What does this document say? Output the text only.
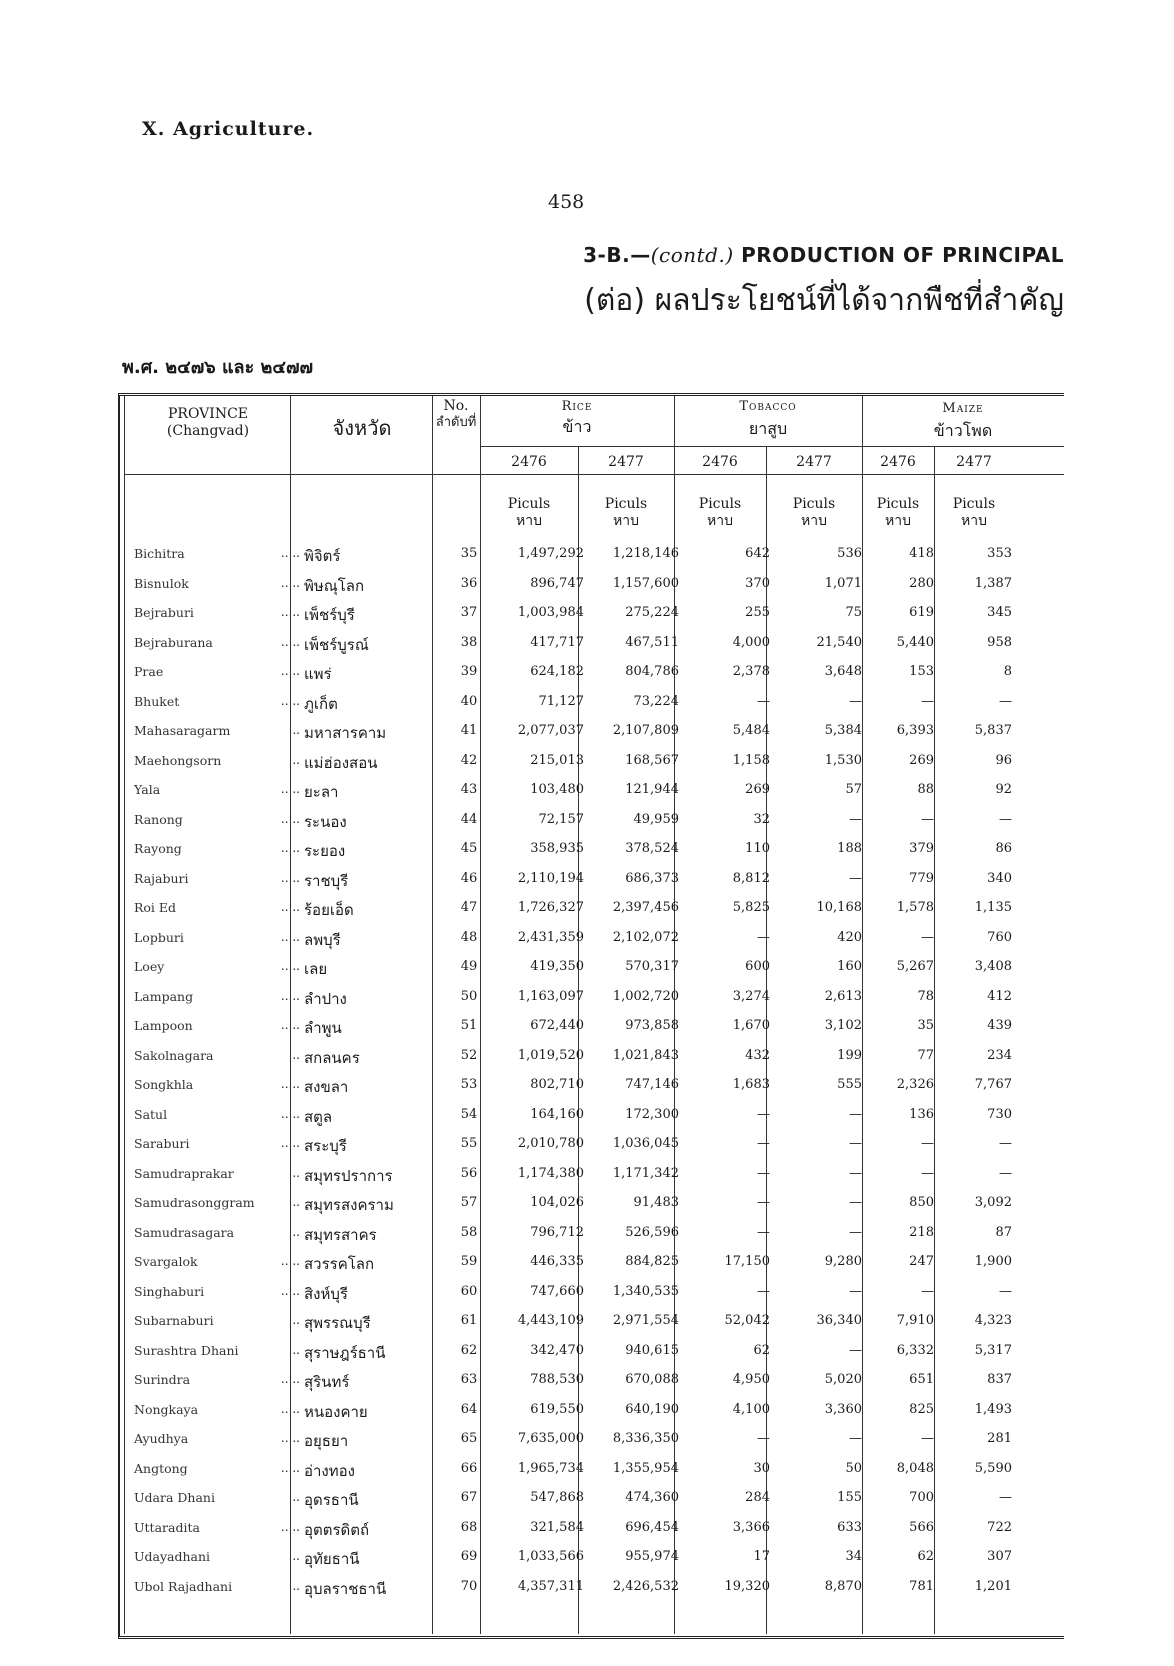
X. Agriculture.
458
3-B.—(contd.) PRODUCTION OF PRINCIPAL
(ต่อ) ผลประโยชน์ที่ได้จากพืชที่สำคัญ
พ.ศ. ๒๔๗๖ และ ๒๔๗๗
PROVINCE
(Changvad)	จังหวัด
No.
ลำดับที่
Rice
ข้าว
Tobacco
ยาสูบ
Maize
ข้าวโพด
2476	2477	2476	2477	2476	2477
Piculs
หาบ
Piculs
หาบ
Piculs
หาบ
Piculs
หาบ
Piculs
หาบ
Piculs
หาบ
Bichitra	.. .. พิจิตร์	35	1,497,292	1,218,146	642	536	418	353
Bisnulok	.. .. พิษณุโลก	36	896,747	1,157,600	370	1,071	280	1,387
Bejraburi	.. .. เพ็ชร์บุรี	37	1,003,984	275,224	255	75	619	345
Bejraburana	.. .. เพ็ชร์บูรณ์	38	417,717	467,511	4,000	21,540	5,440	958
Prae	.. .. แพร่	39	624,182	804,786	2,378	3,648	153	8
Bhuket	.. .. ภูเก็ต	40	71,127	73,224	—	—	—	—
Mahasaragarm	.. มหาสารคาม	41	2,077,037	2,107,809	5,484	5,384	6,393	5,837
Maehongsorn	.. แม่ฮ่องสอน	42	215,013	168,567	1,158	1,530	269	96
Yala	.. .. ยะลา	43	103,480	121,944	269	57	88	92
Ranong	.. .. ระนอง	44	72,157	49,959	32	—	—	—
Rayong	.. .. ระยอง	45	358,935	378,524	110	188	379	86
Rajaburi	.. .. ราชบุรี	46	2,110,194	686,373	8,812	—	779	340
Roi Ed	.. .. ร้อยเอ็ด	47	1,726,327	2,397,456	5,825	10,168	1,578	1,135
Lopburi	.. .. ลพบุรี	48	2,431,359	2,102,072	—	420	—	760
Loey	.. .. เลย	49	419,350	570,317	600	160	5,267	3,408
Lampang	.. .. ลำปาง	50	1,163,097	1,002,720	3,274	2,613	78	412
Lampoon	.. .. ลำพูน	51	672,440	973,858	1,670	3,102	35	439
Sakolnagara	.. สกลนคร	52	1,019,520	1,021,843	432	199	77	234
Songkhla	.. .. สงขลา	53	802,710	747,146	1,683	555	2,326	7,767
Satul	.. .. สตูล	54	164,160	172,300	—	—	136	730
Saraburi	.. .. สระบุรี	55	2,010,780	1,036,045	—	—	—	—
Samudraprakar	.. สมุทรปราการ	56	1,174,380	1,171,342	—	—	—	—
Samudrasonggram	.. สมุทรสงคราม	57	104,026	91,483	—	—	850	3,092
Samudrasagara	.. สมุทรสาคร	58	796,712	526,596	—	—	218	87
Svargalok	.. .. สวรรคโลก	59	446,335	884,825	17,150	9,280	247	1,900
Singhaburi	.. .. สิงห์บุรี	60	747,660	1,340,535	—	—	—	—
Subarnaburi	.. สุพรรณบุรี	61	4,443,109	2,971,554	52,042	36,340	7,910	4,323
Surashtra Dhani	.. สุราษฎร์ธานี	62	342,470	940,615	62	—	6,332	5,317
Surindra	.. .. สุรินทร์	63	788,530	670,088	4,950	5,020	651	837
Nongkaya	.. .. หนองคาย	64	619,550	640,190	4,100	3,360	825	1,493
Ayudhya	.. .. อยุธยา	65	7,635,000	8,336,350	—	—	—	281
Angtong	.. .. อ่างทอง	66	1,965,734	1,355,954	30	50	8,048	5,590
Udara Dhani	.. อุดรธานี	67	547,868	474,360	284	155	700	—
Uttaradita	.. .. อุตตรดิตถ์	68	321,584	696,454	3,366	633	566	722
Udayadhani	.. อุทัยธานี	69	1,033,566	955,974	17	34	62	307
Ubol Rajadhani	.. อุบลราชธานี	70	4,357,311	2,426,532	19,320	8,870	781	1,201
